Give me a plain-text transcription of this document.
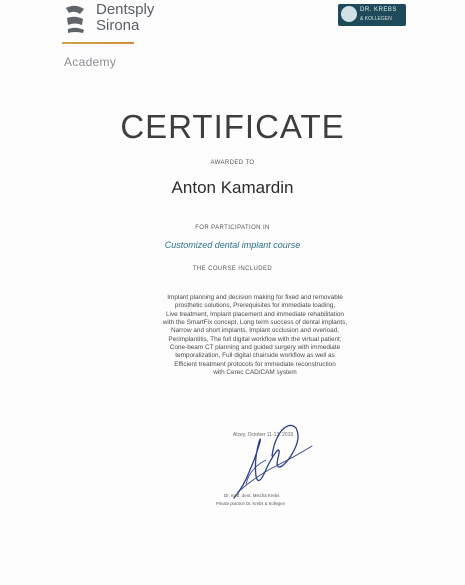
Dentsply
Sirona
Academy
DR. KREBS
& KOLLEGEN
CERTIFICATE
AWARDED TO
Anton Kamardin
FOR PARTICIPATION IN
Customized dental implant course
THE COURSE INCLUDED
Implant planning and decision making for fixed and removable
prosthetic solutions, Prerequisites for immediate loading,
Live treatment, Implant placement and immediate rehabilitation
with the SmartFix concept, Long term success of dental implants,
Narrow and short implants, Implant occlusion and overload,
Perimplantitis, The full digital workflow with the virtual patient;
Cone-beam CT planning and guided surgery with immediate
temporalization, Full digital chairside workflow as well as
Efficient treatment protocols for immediate reconstruction
with Cerec CAD/CAM system
Alzey, October 11-13, 2019
Dr. med. dent. Mischa Krebs
Private practice Dr. Krebs & Kollegen
